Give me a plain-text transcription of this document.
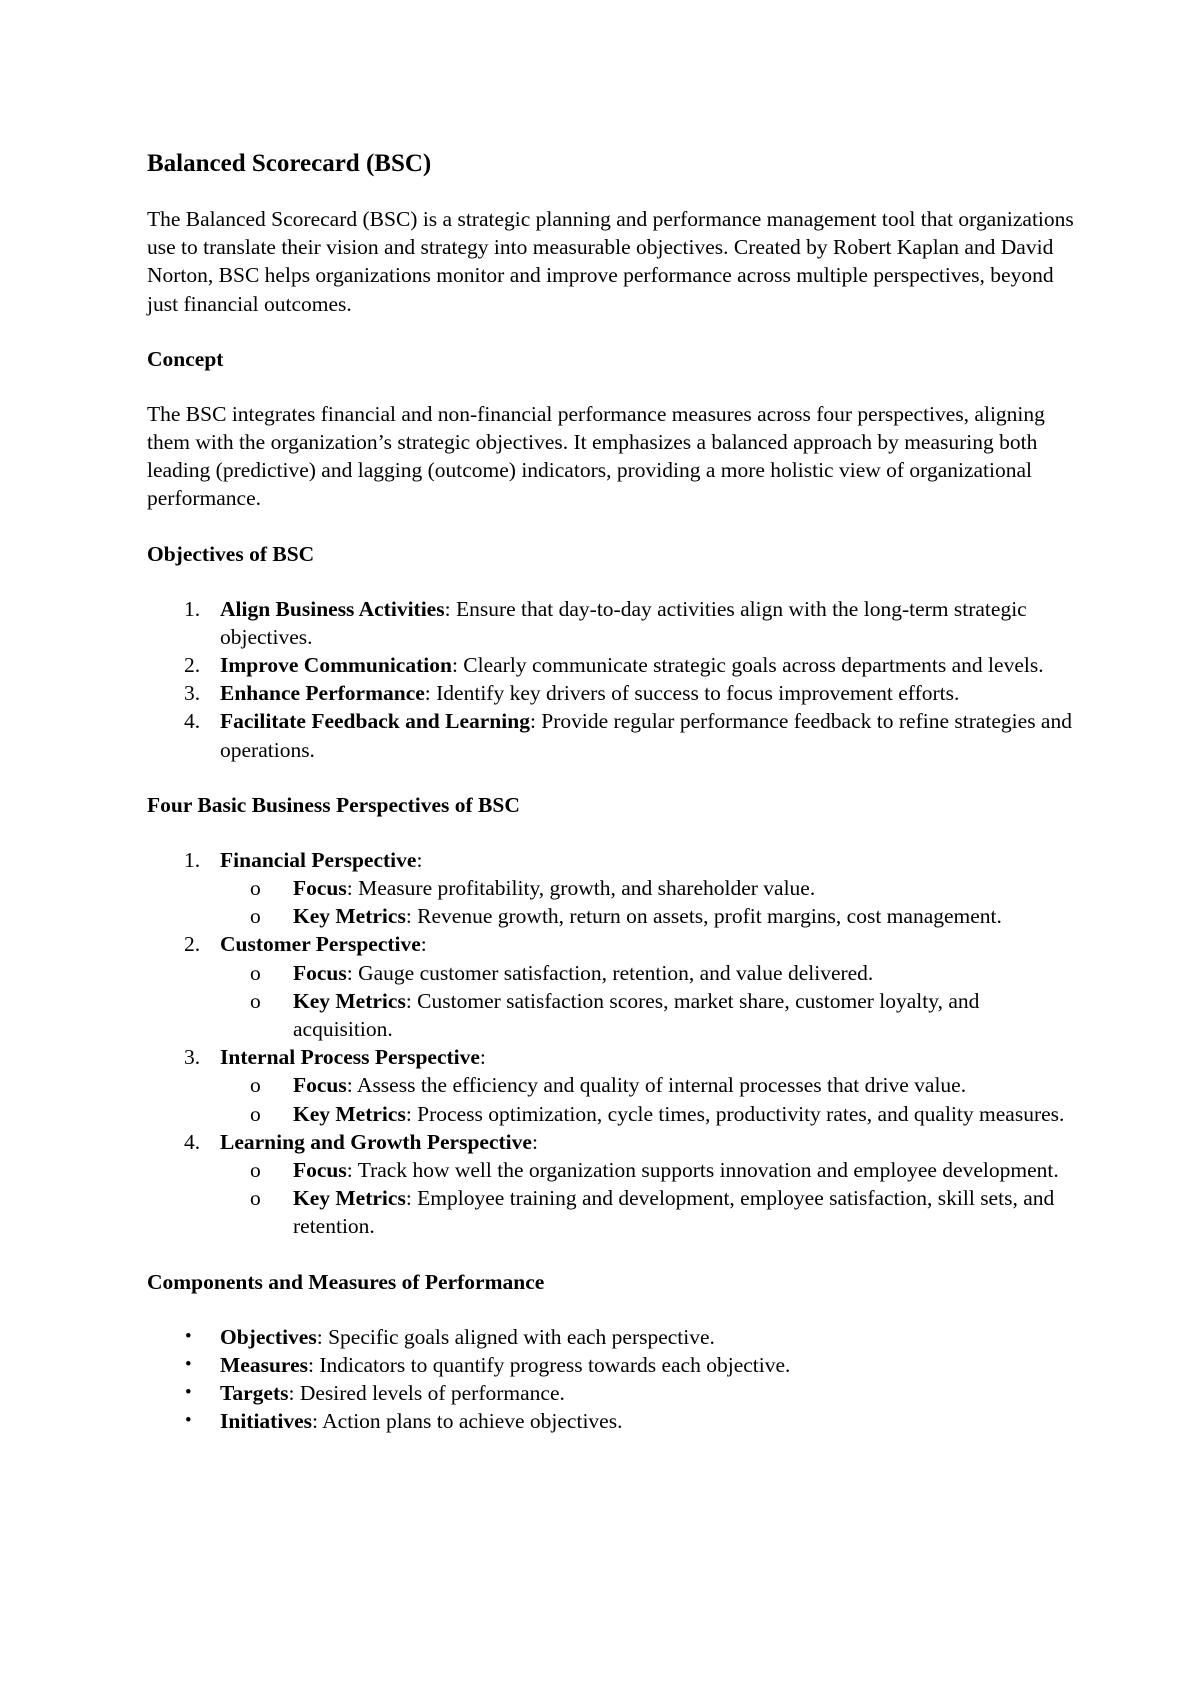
Balanced Scorecard (BSC)

The Balanced Scorecard (BSC) is a strategic planning and performance management tool that organizations use to translate their vision and strategy into measurable objectives. Created by Robert Kaplan and David Norton, BSC helps organizations monitor and improve performance across multiple perspectives, beyond just financial outcomes.

Concept

The BSC integrates financial and non-financial performance measures across four perspectives, aligning them with the organization’s strategic objectives. It emphasizes a balanced approach by measuring both leading (predictive) and lagging (outcome) indicators, providing a more holistic view of organizational performance.

Objectives of BSC
1. Align Business Activities: Ensure that day-to-day activities align with the long-term strategic objectives.
2. Improve Communication: Clearly communicate strategic goals across departments and levels.
3. Enhance Performance: Identify key drivers of success to focus improvement efforts.
4. Facilitate Feedback and Learning: Provide regular performance feedback to refine strategies and operations.
Four Basic Business Perspectives of BSC
1. Financial Perspective:
o Focus: Measure profitability, growth, and shareholder value.
o Key Metrics: Revenue growth, return on assets, profit margins, cost management.
2. Customer Perspective:
o Focus: Gauge customer satisfaction, retention, and value delivered.
o Key Metrics: Customer satisfaction scores, market share, customer loyalty, and acquisition.
3. Internal Process Perspective:
o Focus: Assess the efficiency and quality of internal processes that drive value.
o Key Metrics: Process optimization, cycle times, productivity rates, and quality measures.
4. Learning and Growth Perspective:
o Focus: Track how well the organization supports innovation and employee development.
o Key Metrics: Employee training and development, employee satisfaction, skill sets, and retention.
Components and Measures of Performance
• Objectives: Specific goals aligned with each perspective.
• Measures: Indicators to quantify progress towards each objective.
• Targets: Desired levels of performance.
• Initiatives: Action plans to achieve objectives.
